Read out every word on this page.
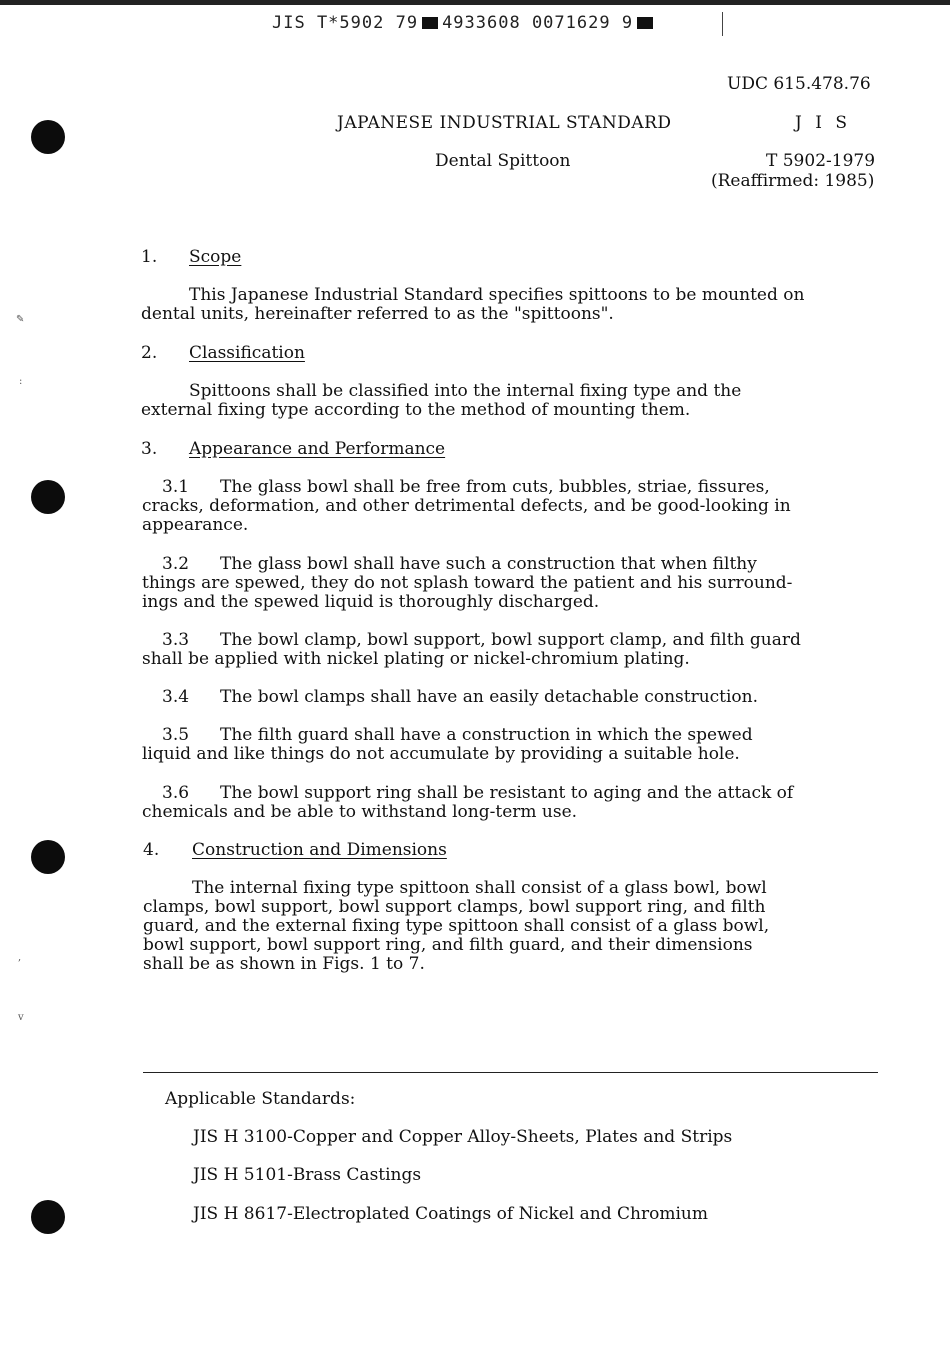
JIS T*5902 79 4933608 0071629 9
✎
:
,
v
UDC 615.478.76
JAPANESE INDUSTRIAL STANDARD	J I S
Dental Spittoon	T 5902-1979
(Reaffirmed: 1985)
1. Scope
This Japanese Industrial Standard specifies spittoons to be mounted on
dental units, hereinafter referred to as the "spittoons".
2. Classification
Spittoons shall be classified into the internal fixing type and the
external fixing type according to the method of mounting them.
3. Appearance and Performance
3.1	The glass bowl shall be free from cuts, bubbles, striae, fissures,
cracks, deformation, and other detrimental defects, and be good-looking in
appearance.
3.2	The glass bowl shall have such a construction that when filthy
things are spewed, they do not splash toward the patient and his surround-
ings and the spewed liquid is thoroughly discharged.
3.3	The bowl clamp, bowl support, bowl support clamp, and filth guard
shall be applied with nickel plating or nickel-chromium plating.
3.4	The bowl clamps shall have an easily detachable construction.
3.5	The filth guard shall have a construction in which the spewed
liquid and like things do not accumulate by providing a suitable hole.
3.6	The bowl support ring shall be resistant to aging and the attack of
chemicals and be able to withstand long-term use.
4. Construction and Dimensions
The internal fixing type spittoon shall consist of a glass bowl, bowl
clamps, bowl support, bowl support clamps, bowl support ring, and filth
guard, and the external fixing type spittoon shall consist of a glass bowl,
bowl support, bowl support ring, and filth guard, and their dimensions
shall be as shown in Figs. 1 to 7.
Applicable Standards:
JIS H 3100-Copper and Copper Alloy-Sheets, Plates and Strips
JIS H 5101-Brass Castings
JIS H 8617-Electroplated Coatings of Nickel and Chromium
